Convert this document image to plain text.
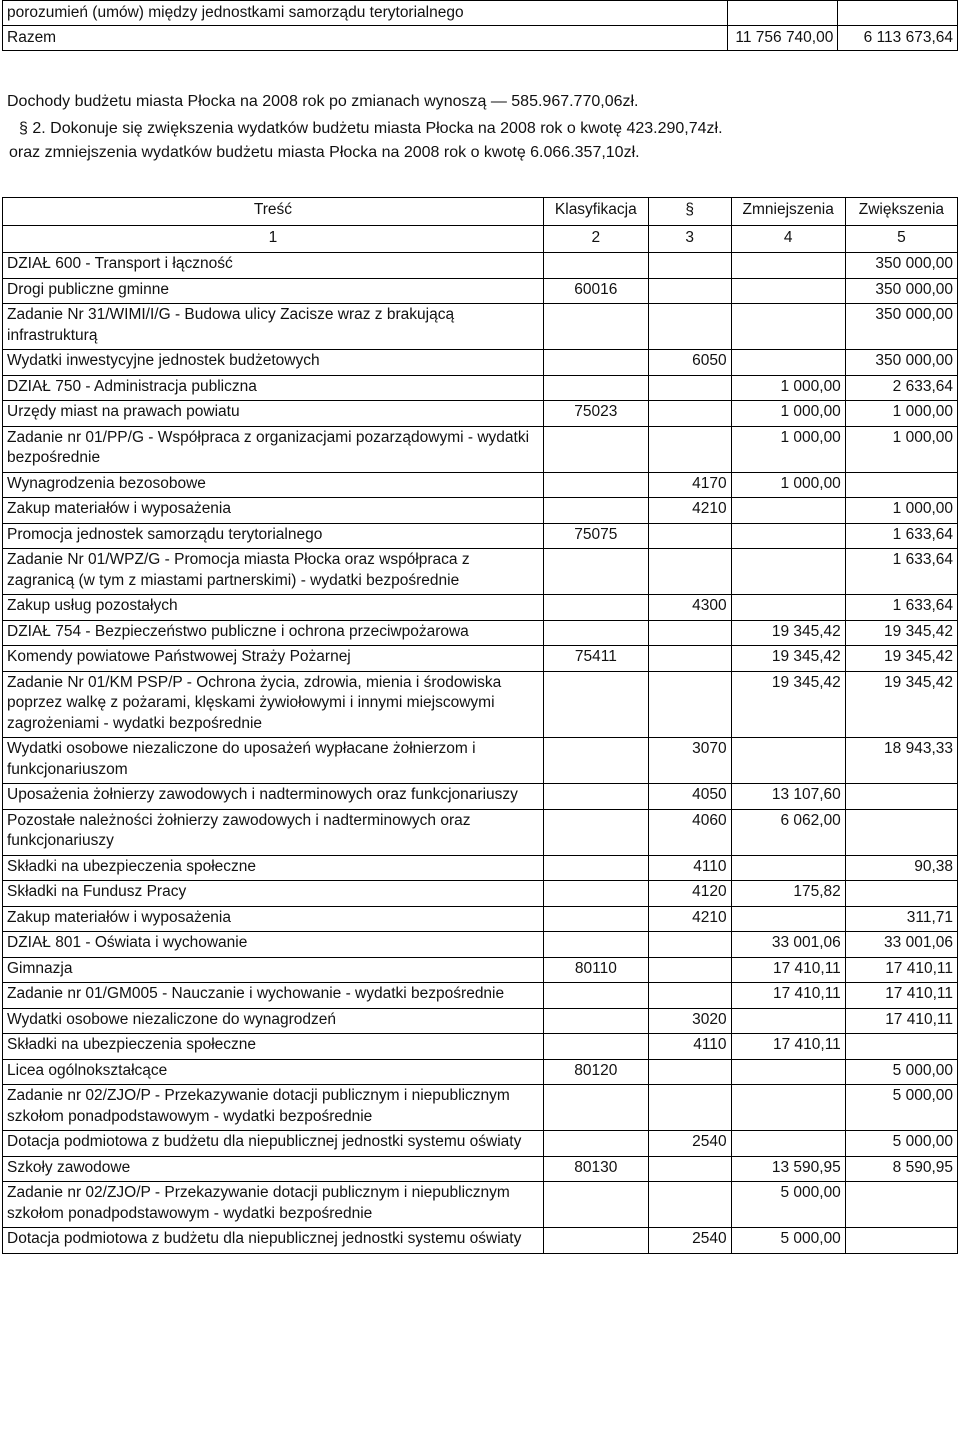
porozumień (umów) między jednostkami samorządu terytorialnego		
Razem	11 756 740,00	6 113 673,64

Dochody budżetu miasta Płocka na 2008 rok po zmianach wynoszą — 585.967.770,06zł.

§ 2. Dokonuje się zwiększenia wydatków budżetu miasta Płocka na 2008 rok o kwotę 423.290,74zł.
oraz zmniejszenia wydatków budżetu miasta Płocka na 2008 rok o kwotę 6.066.357,10zł.
Treść	Klasyfikacja	§	Zmniejszenia	Zwiększenia
1	2	3	4	5
DZIAŁ 600 - Transport i łączność				350 000,00
Drogi publiczne gminne	60016			350 000,00
Zadanie Nr 31/WIMI/I/G - Budowa ulicy Zacisze wraz z brakującą infrastrukturą				350 000,00
Wydatki inwestycyjne jednostek budżetowych		6050		350 000,00
DZIAŁ 750 - Administracja publiczna			1 000,00	2 633,64
Urzędy miast na prawach powiatu	75023		1 000,00	1 000,00
Zadanie nr 01/PP/G - Współpraca z organizacjami pozarządowymi - wydatki bezpośrednie			1 000,00	1 000,00
Wynagrodzenia bezosobowe		4170	1 000,00	
Zakup materiałów i wyposażenia		4210		1 000,00
Promocja jednostek samorządu terytorialnego	75075			1 633,64
Zadanie Nr 01/WPZ/G - Promocja miasta Płocka oraz współpraca z zagranicą (w tym z miastami partnerskimi) - wydatki bezpośrednie				1 633,64
Zakup usług pozostałych		4300		1 633,64
DZIAŁ 754 - Bezpieczeństwo publiczne i ochrona przeciwpożarowa			19 345,42	19 345,42
Komendy powiatowe Państwowej Straży Pożarnej	75411		19 345,42	19 345,42
Zadanie Nr 01/KM PSP/P - Ochrona życia, zdrowia, mienia i środowiska poprzez walkę z pożarami, klęskami żywiołowymi i innymi miejscowymi zagrożeniami - wydatki bezpośrednie			19 345,42	19 345,42
Wydatki osobowe niezaliczone do uposażeń wypłacane żołnierzom i funkcjonariuszom		3070		18 943,33
Uposażenia żołnierzy zawodowych i nadterminowych oraz funkcjonariuszy		4050	13 107,60	
Pozostałe należności żołnierzy zawodowych i nadterminowych oraz funkcjonariuszy		4060	6 062,00	
Składki na ubezpieczenia społeczne		4110		90,38
Składki na Fundusz Pracy		4120	175,82	
Zakup materiałów i wyposażenia		4210		311,71
DZIAŁ 801 - Oświata i wychowanie			33 001,06	33 001,06
Gimnazja	80110		17 410,11	17 410,11
Zadanie nr 01/GM005 - Nauczanie i wychowanie - wydatki bezpośrednie			17 410,11	17 410,11
Wydatki osobowe niezaliczone do wynagrodzeń		3020		17 410,11
Składki na ubezpieczenia społeczne		4110	17 410,11	
Licea ogólnokształcące	80120			5 000,00
Zadanie nr 02/ZJO/P - Przekazywanie dotacji publicznym i niepublicznym szkołom ponadpodstawowym - wydatki bezpośrednie				5 000,00
Dotacja podmiotowa z budżetu dla niepublicznej jednostki systemu oświaty		2540		5 000,00
Szkoły zawodowe	80130		13 590,95	8 590,95
Zadanie nr 02/ZJO/P - Przekazywanie dotacji publicznym i niepublicznym szkołom ponadpodstawowym - wydatki bezpośrednie			5 000,00	
Dotacja podmiotowa z budżetu dla niepublicznej jednostki systemu oświaty		2540	5 000,00	
